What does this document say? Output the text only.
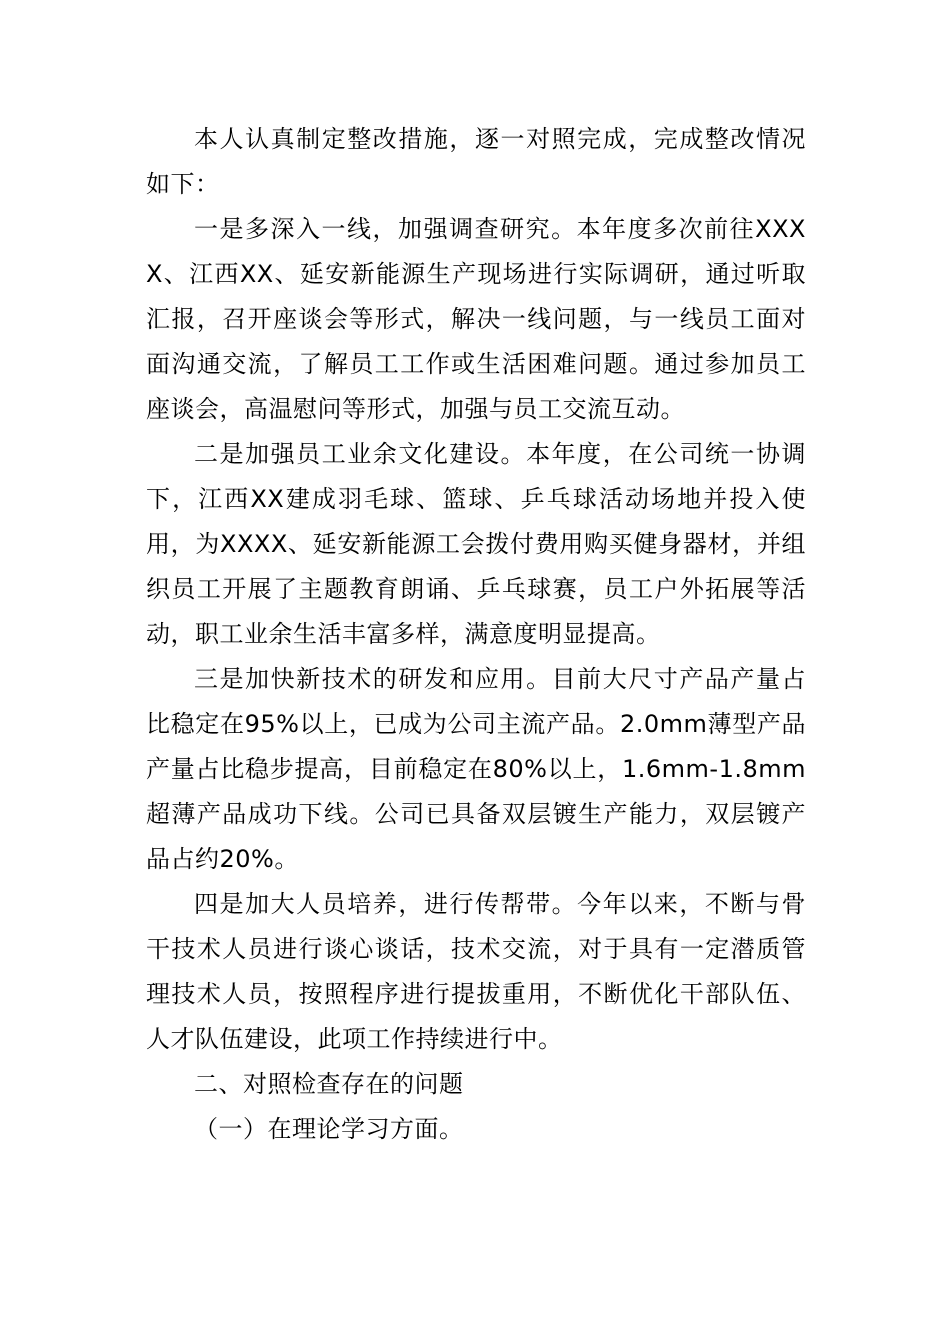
本人认真制定整改措施，逐一对照完成，完成整改情况如下：

一是多深入一线，加强调查研究。本年度多次前往XXXX、江西XX、延安新能源生产现场进行实际调研，通过听取汇报，召开座谈会等形式，解决一线问题，与一线员工面对面沟通交流，了解员工工作或生活困难问题。通过参加员工座谈会，高温慰问等形式，加强与员工交流互动。

二是加强员工业余文化建设。本年度，在公司统一协调下，江西XX建成羽毛球、篮球、乒乓球活动场地并投入使用，为XXXX、延安新能源工会拨付费用购买健身器材，并组织员工开展了主题教育朗诵、乒乓球赛，员工户外拓展等活动，职工业余生活丰富多样，满意度明显提高。

三是加快新技术的研发和应用。目前大尺寸产品产量占比稳定在95%以上，已成为公司主流产品。2.0mm薄型产品产量占比稳步提高，目前稳定在80%以上，1.6mm-1.8mm超薄产品成功下线。公司已具备双层镀生产能力，双层镀产品占约20%。

四是加大人员培养，进行传帮带。今年以来，不断与骨干技术人员进行谈心谈话，技术交流，对于具有一定潜质管理技术人员，按照程序进行提拔重用，不断优化干部队伍、人才队伍建设，此项工作持续进行中。

二、对照检查存在的问题

（一）在理论学习方面。
